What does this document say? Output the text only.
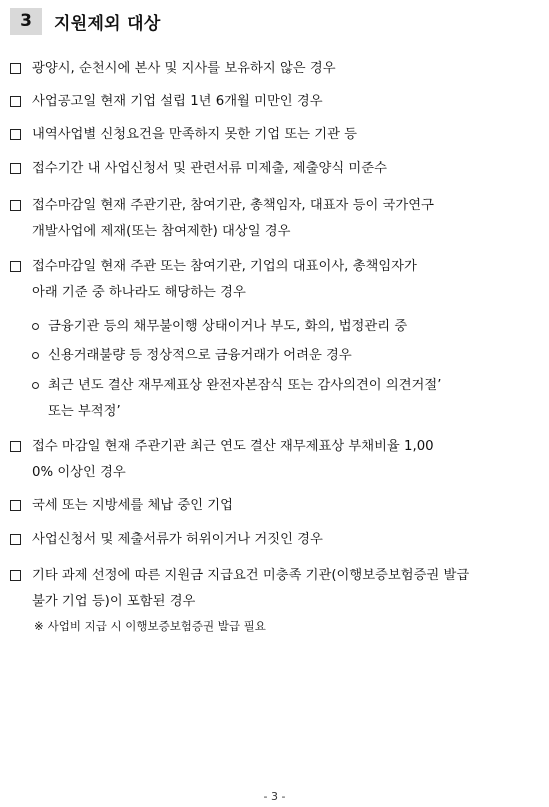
3	지원제외 대상
광양시, 순천시에 본사 및 지사를 보유하지 않은 경우
사업공고일 현재 기업 설립 1년 6개월 미만인 경우
내역사업별 신청요건을 만족하지 못한 기업 또는 기관 등
접수기간 내 사업신청서 및 관련서류 미제출, 제출양식 미준수
접수마감일 현재 주관기관, 참여기관, 총책임자, 대표자 등이 국가연구
개발사업에 제재(또는 참여제한) 대상일 경우
접수마감일 현재 주관 또는 참여기관, 기업의 대표이사, 총책임자가
아래 기준 중 하나라도 해당하는 경우
금융기관 등의 채무불이행 상태이거나 부도, 화의, 법정관리 중
신용거래불량 등 정상적으로 금융거래가 어려운 경우
최근 년도 결산 재무제표상 완전자본잠식 또는 감사의견이 의견거절’
또는 부적정’
접수 마감일 현재 주관기관 최근 연도 결산 재무제표상 부채비율 1,00
0% 이상인 경우
국세 또는 지방세를 체납 중인 기업
사업신청서 및 제출서류가 허위이거나 거짓인 경우
기타 과제 선정에 따른 지원금 지급요건 미충족 기관(이행보증보험증권 발급
불가 기업 등)이 포함된 경우
※ 사업비 지급 시 이행보증보험증권 발급 필요
- 3 -
